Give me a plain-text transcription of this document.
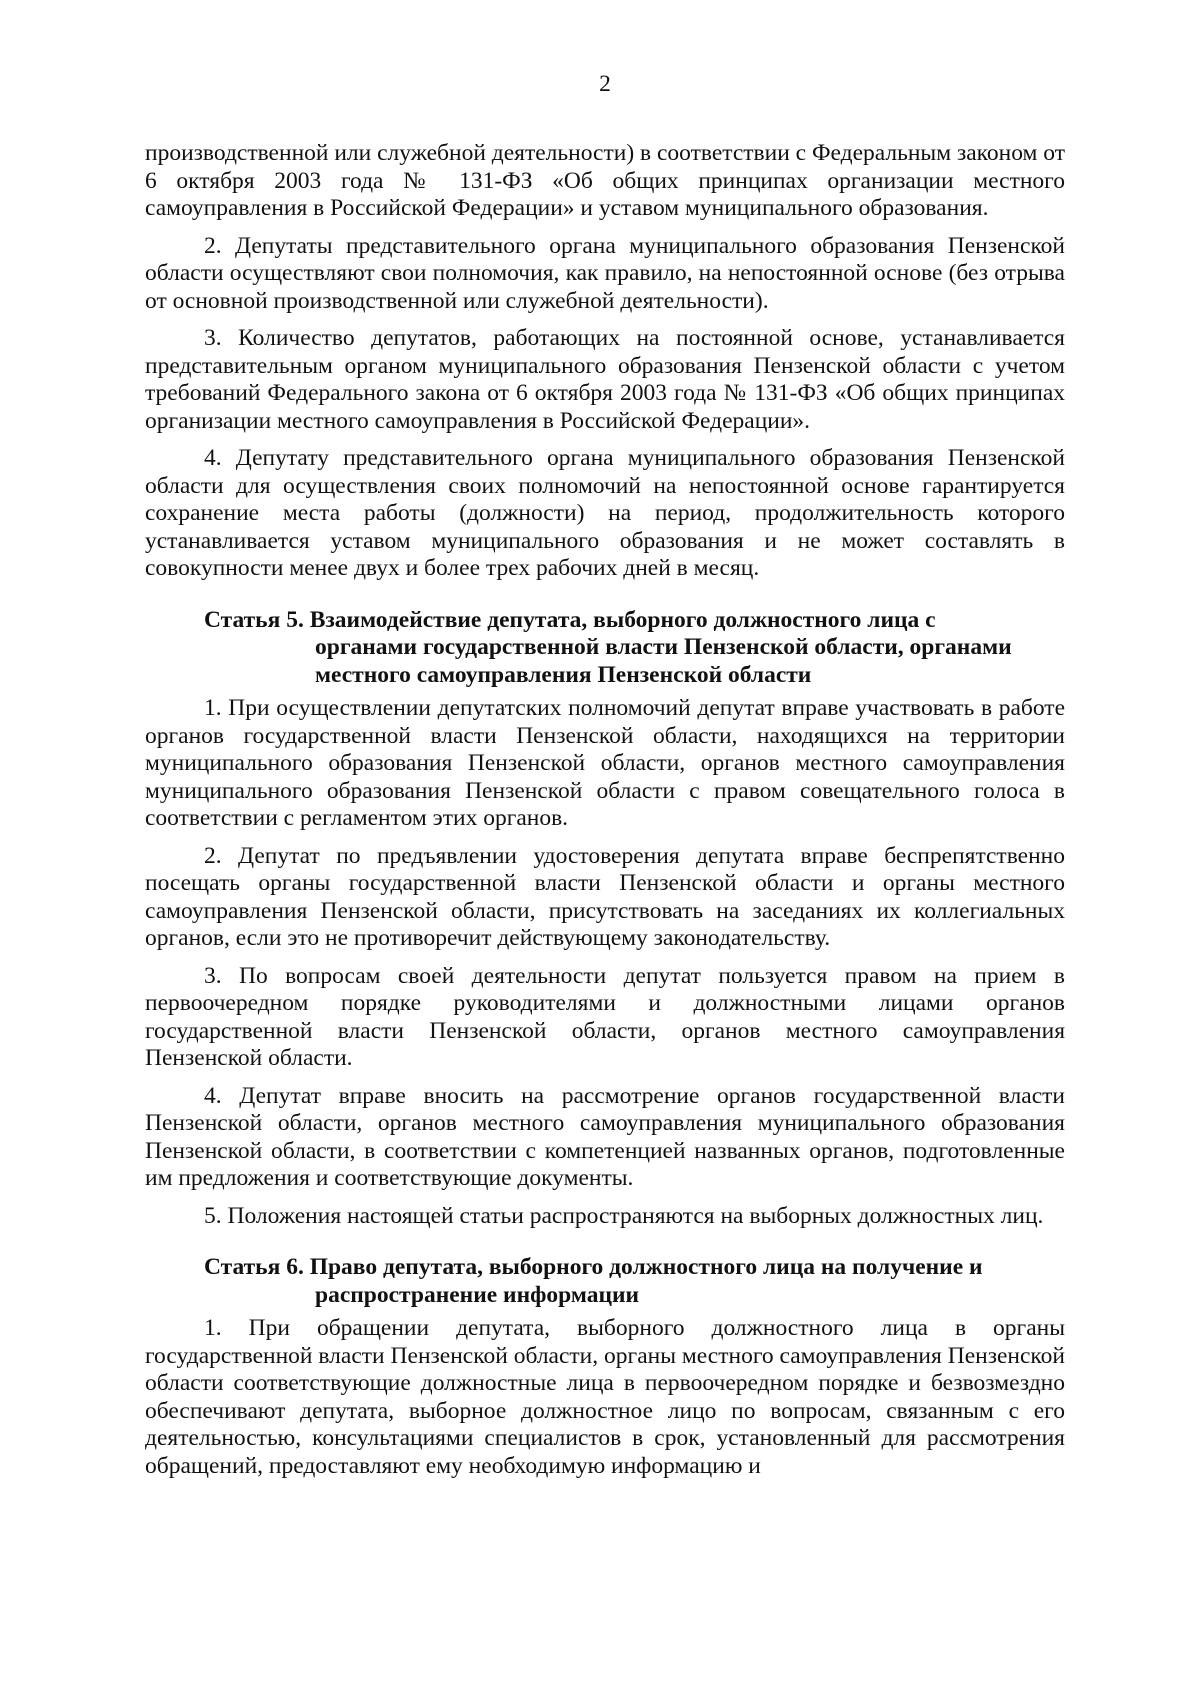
2

производственной или служебной деятельности) в соответствии с Федеральным законом от 6 октября 2003 года № 131-ФЗ «Об общих принципах организации местного самоуправления в Российской Федерации» и уставом муниципального образования.

2. Депутаты представительного органа муниципального образования Пензенской области осуществляют свои полномочия, как правило, на непостоянной основе (без отрыва от основной производственной или служебной деятельности).

3. Количество депутатов, работающих на постоянной основе, устанавливается представительным органом муниципального образования Пензенской области с учетом требований Федерального закона от 6 октября 2003 года № 131-ФЗ «Об общих принципах организации местного самоуправления в Российской Федерации».

4. Депутату представительного органа муниципального образования Пензенской области для осуществления своих полномочий на непостоянной основе гарантируется сохранение места работы (должности) на период, продолжительность которого устанавливается уставом муниципального образования и не может составлять в совокупности менее двух и более трех рабочих дней в месяц.

Статья 5. Взаимодействие депутата, выборного должностного лица с
органами государственной власти Пензенской области, органами
местного самоуправления Пензенской области

1. При осуществлении депутатских полномочий депутат вправе участвовать в работе органов государственной власти Пензенской области, находящихся на территории муниципального образования Пензенской области, органов местного самоуправления муниципального образования Пензенской области с правом совещательного голоса в соответствии с регламентом этих органов.

2. Депутат по предъявлении удостоверения депутата вправе беспрепятственно посещать органы государственной власти Пензенской области и органы местного самоуправления Пензенской области, присутствовать на заседаниях их коллегиальных органов, если это не противоречит действующему законодательству.

3. По вопросам своей деятельности депутат пользуется правом на прием в первоочередном порядке руководителями и должностными лицами органов государственной власти Пензенской области, органов местного самоуправления Пензенской области.

4. Депутат вправе вносить на рассмотрение органов государственной власти Пензенской области, органов местного самоуправления муниципального образования Пензенской области, в соответствии с компетенцией названных органов, подготовленные им предложения и соответствующие документы.

5. Положения настоящей статьи распространяются на выборных должностных лиц.

Статья 6. Право депутата, выборного должностного лица на получение и
распространение информации

1. При обращении депутата, выборного должностного лица в органы государственной власти Пензенской области, органы местного самоуправления Пензенской области соответствующие должностные лица в первоочередном порядке и безвозмездно обеспечивают депутата, выборное должностное лицо по вопросам, связанным с его деятельностью, консультациями специалистов в срок, установленный для рассмотрения обращений, предоставляют ему необходимую информацию и
